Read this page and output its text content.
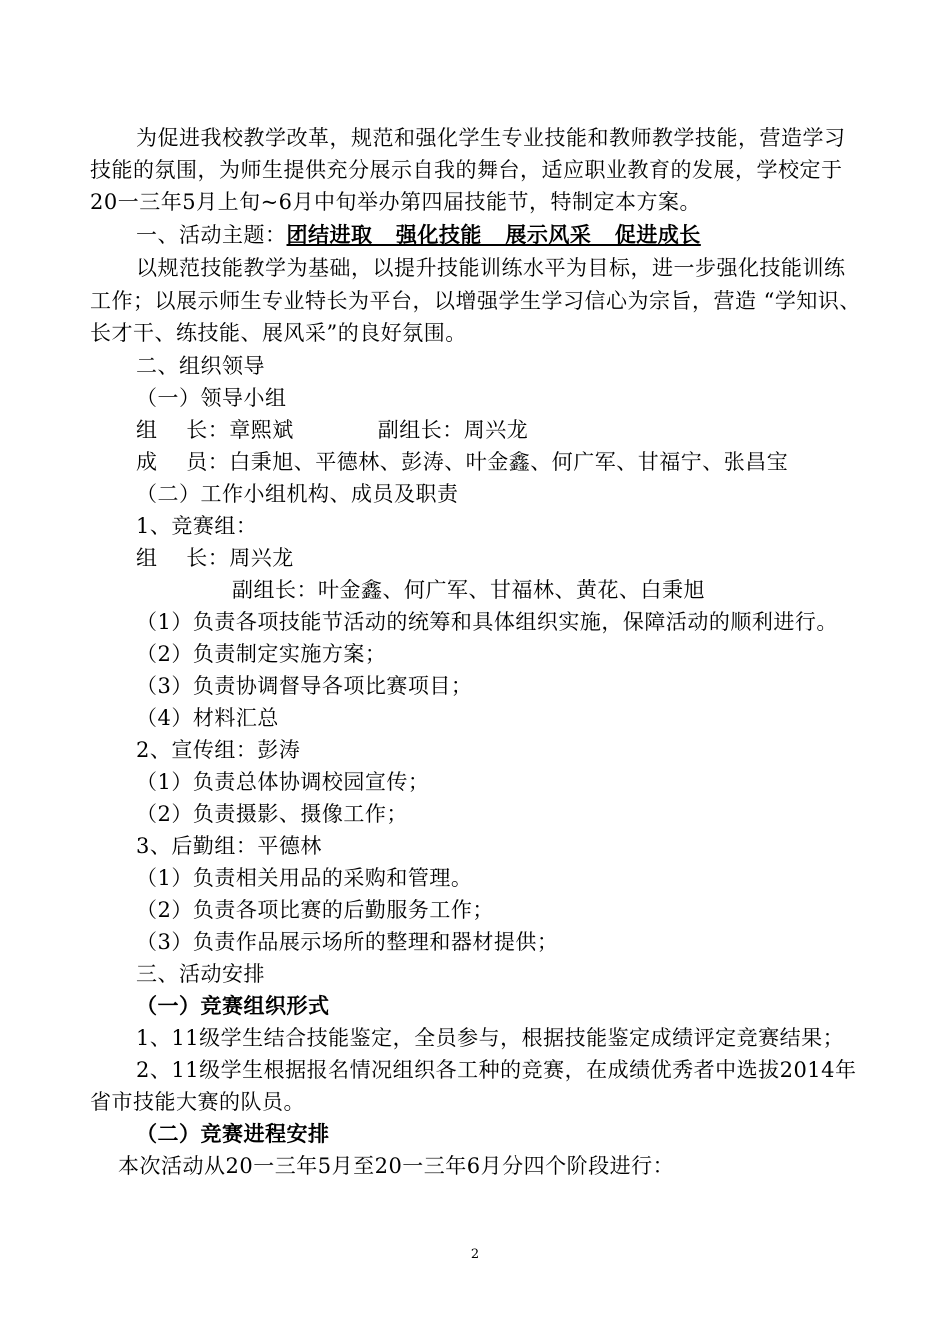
为促进我校教学改革，规范和强化学生专业技能和教师教学技能，营造学习
技能的氛围，为师生提供充分展示自我的舞台，适应职业教育的发展，学校定于
20一三年5月上旬~6月中旬举办第四届技能节，特制定本方案。
一、活动主题：团结进取   强化技能   展示风采   促进成长
以规范技能教学为基础，以提升技能训练水平为目标，进一步强化技能训练
工作；以展示师生专业特长为平台，以增强学生学习信心为宗旨，营造 “学知识、
长才干、练技能、展风采”的良好氛围。
二、组织领导
（一）领导小组
组    长：章熙斌	副组长：周兴龙
成    员：白秉旭、平德林、彭涛、叶金鑫、何广军、甘福宁、张昌宝
（二）工作小组机构、成员及职责
1、竞赛组：
组    长：周兴龙
副组长：叶金鑫、何广军、甘福林、黄花、白秉旭
（1）负责各项技能节活动的统筹和具体组织实施，保障活动的顺利进行。
（2）负责制定实施方案；
（3）负责协调督导各项比赛项目；
（4）材料汇总
2、宣传组：彭涛
（1）负责总体协调校园宣传；
（2）负责摄影、摄像工作；
3、后勤组：平德林
（1）负责相关用品的采购和管理。
（2）负责各项比赛的后勤服务工作；
（3）负责作品展示场所的整理和器材提供；
三、活动安排
（一）竞赛组织形式
1、11级学生结合技能鉴定，全员参与，根据技能鉴定成绩评定竞赛结果；
2、11级学生根据报名情况组织各工种的竞赛，在成绩优秀者中选拔2014年
省市技能大赛的队员。
（二）竞赛进程安排
本次活动从20一三年5月至20一三年6月分四个阶段进行：
2
